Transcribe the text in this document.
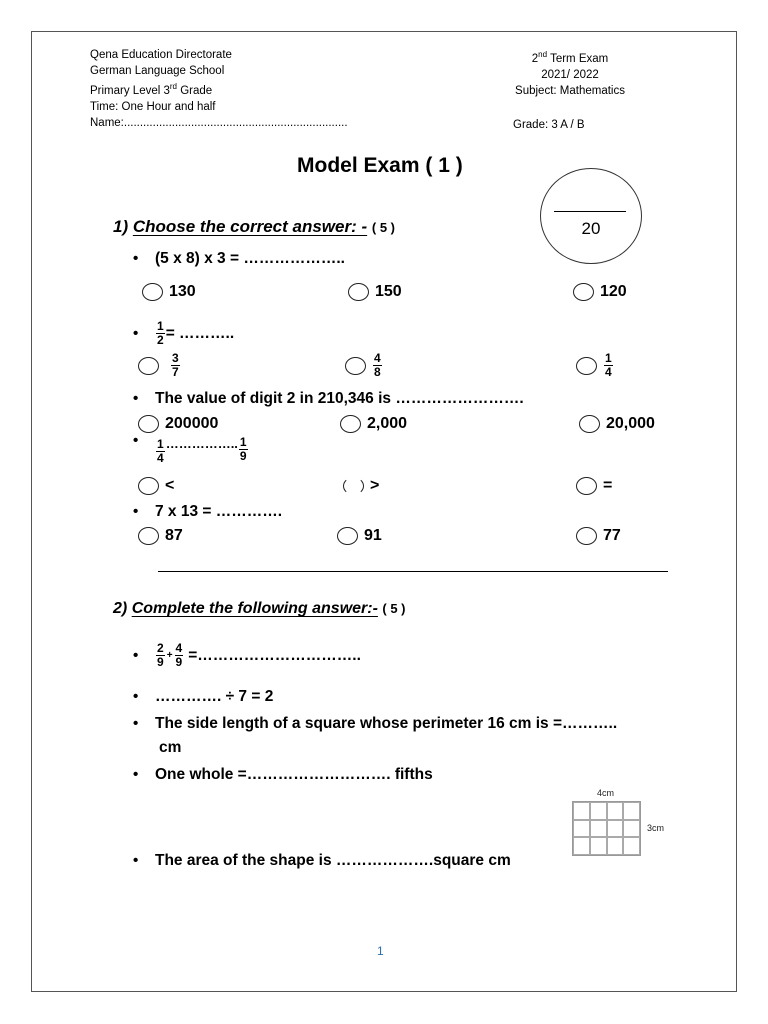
Qena Education Directorate
German Language School
Primary Level 3rd Grade
Time: One Hour and half
Name:......................................................................
2nd Term Exam
2021/ 2022
Subject: Mathematics
Grade: 3 A / B
Model Exam ( 1 )
20
1) Choose the correct answer: - ( 5 )
• (5 x 8) x 3 = ………………..
130	150	120
•	$\frac{1}{2}$ = ………..
$\frac{3}{7}$	$\frac{4}{8}$	$\frac{1}{4}$
• The value of digit 2 in 210,346 is …………………….
200000	2,000	20,000
•	$\frac{1}{4}$ …………….. $\frac{1}{9}$
<	>	=
• 7 x 13 = ………….
87	91	77
2) Complete the following answer:- ( 5 )
•	$\frac{2}{9} + \frac{4}{9}$ =…………………………..
• …………. ÷ 7 = 2
• The side length of a square whose perimeter 16 cm is =………..
cm
• One whole =………………………. fifths
4cm
3cm
• The area of the shape is ……………….square cm
1
